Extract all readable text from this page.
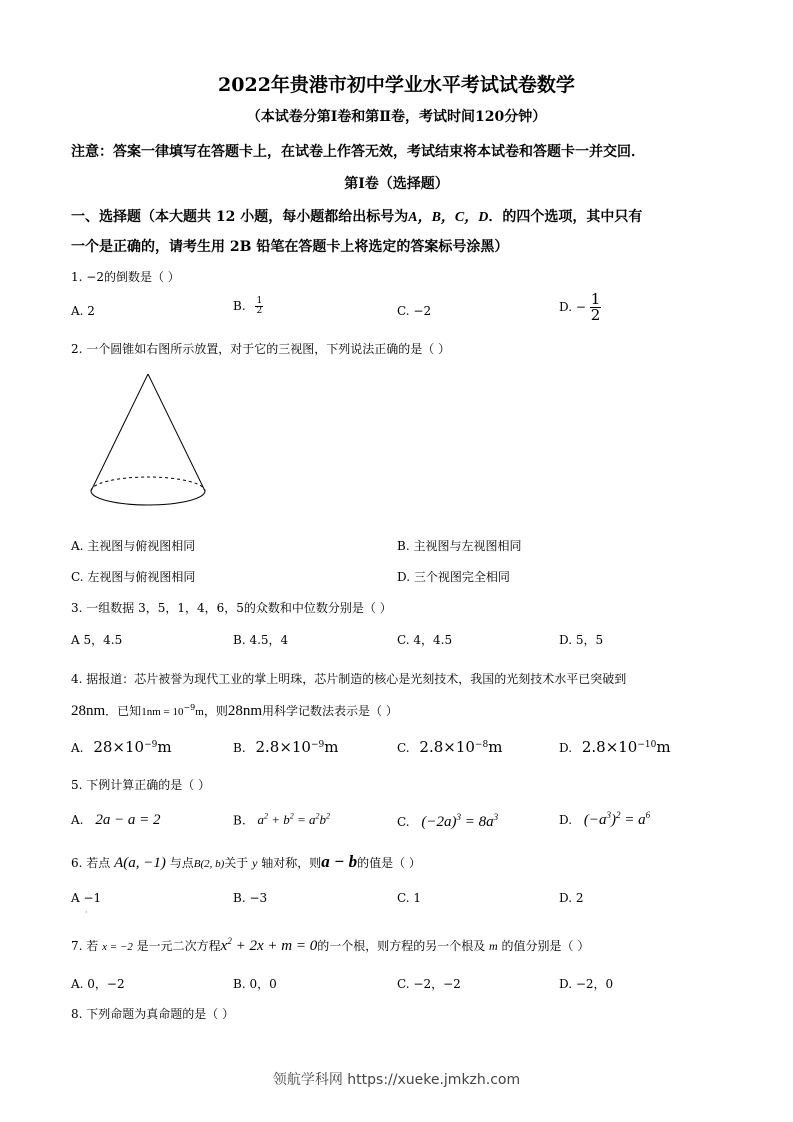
2022年贵港市初中学业水平考试试卷数学
（本试卷分第Ⅰ卷和第Ⅱ卷，考试时间120分钟）
注意：答案一律填写在答题卡上，在试卷上作答无效，考试结束将本试卷和答题卡一并交回．
第Ⅰ卷（选择题）
一、选择题（本大题共 12 小题，每小题都给出标号为A，B，C，D．的四个选项，其中只有
一个是正确的，请考生用 2B 铅笔在答题卡上将选定的答案标号涂黑）
1. −2的倒数是（ ）
A. 2	B. $\frac{1}{2}$	C. −2	D. − $\frac{1}{2}$
2. 一个圆锥如右图所示放置，对于它的三视图，下列说法正确的是（ ）
A. 主视图与俯视图相同	B. 主视图与左视图相同
C. 左视图与俯视图相同	D. 三个视图完全相同
3. 一组数据 3，5，1，4，6，5的众数和中位数分别是（ ）
A 5，4.5	B. 4.5，4	C. 4，4.5	D. 5，5
4. 据报道：芯片被誉为现代工业的掌上明珠，芯片制造的核心是光刻技术，我国的光刻技术水平已突破到
28nm．已知$1nm = 10^{-9}m$，则28nm用科学记数法表示是（ ）
A. $28\times 10^{-9}m$	B. $2.8\times 10^{-9}m$	C. $2.8\times 10^{-8}m$	D. $2.8\times 10^{-10}m$
5. 下例计算正确的是（ ）
A. 2a − a = 2	B. $a^2 + b^2 = a^2b^2$	C. $(-2a)^3 = 8a^3$	D. $(-a^3)^2 = a^6$
6. 若点 A(a, −1) 与点B(2, b)关于 y 轴对称，则a − b的值是（ ）
A −1	B. −3	C. 1	D. 2
·
7. 若 x = −2 是一元二次方程$x^2 + 2x + m = 0$的一个根，则方程的另一个根及 m 的值分别是（ ）
A. 0，−2	B. 0，0	C. −2，−2	D. −2，0
8. 下列命题为真命题的是（ ）
领航学科网 https://xueke.jmkzh.com
